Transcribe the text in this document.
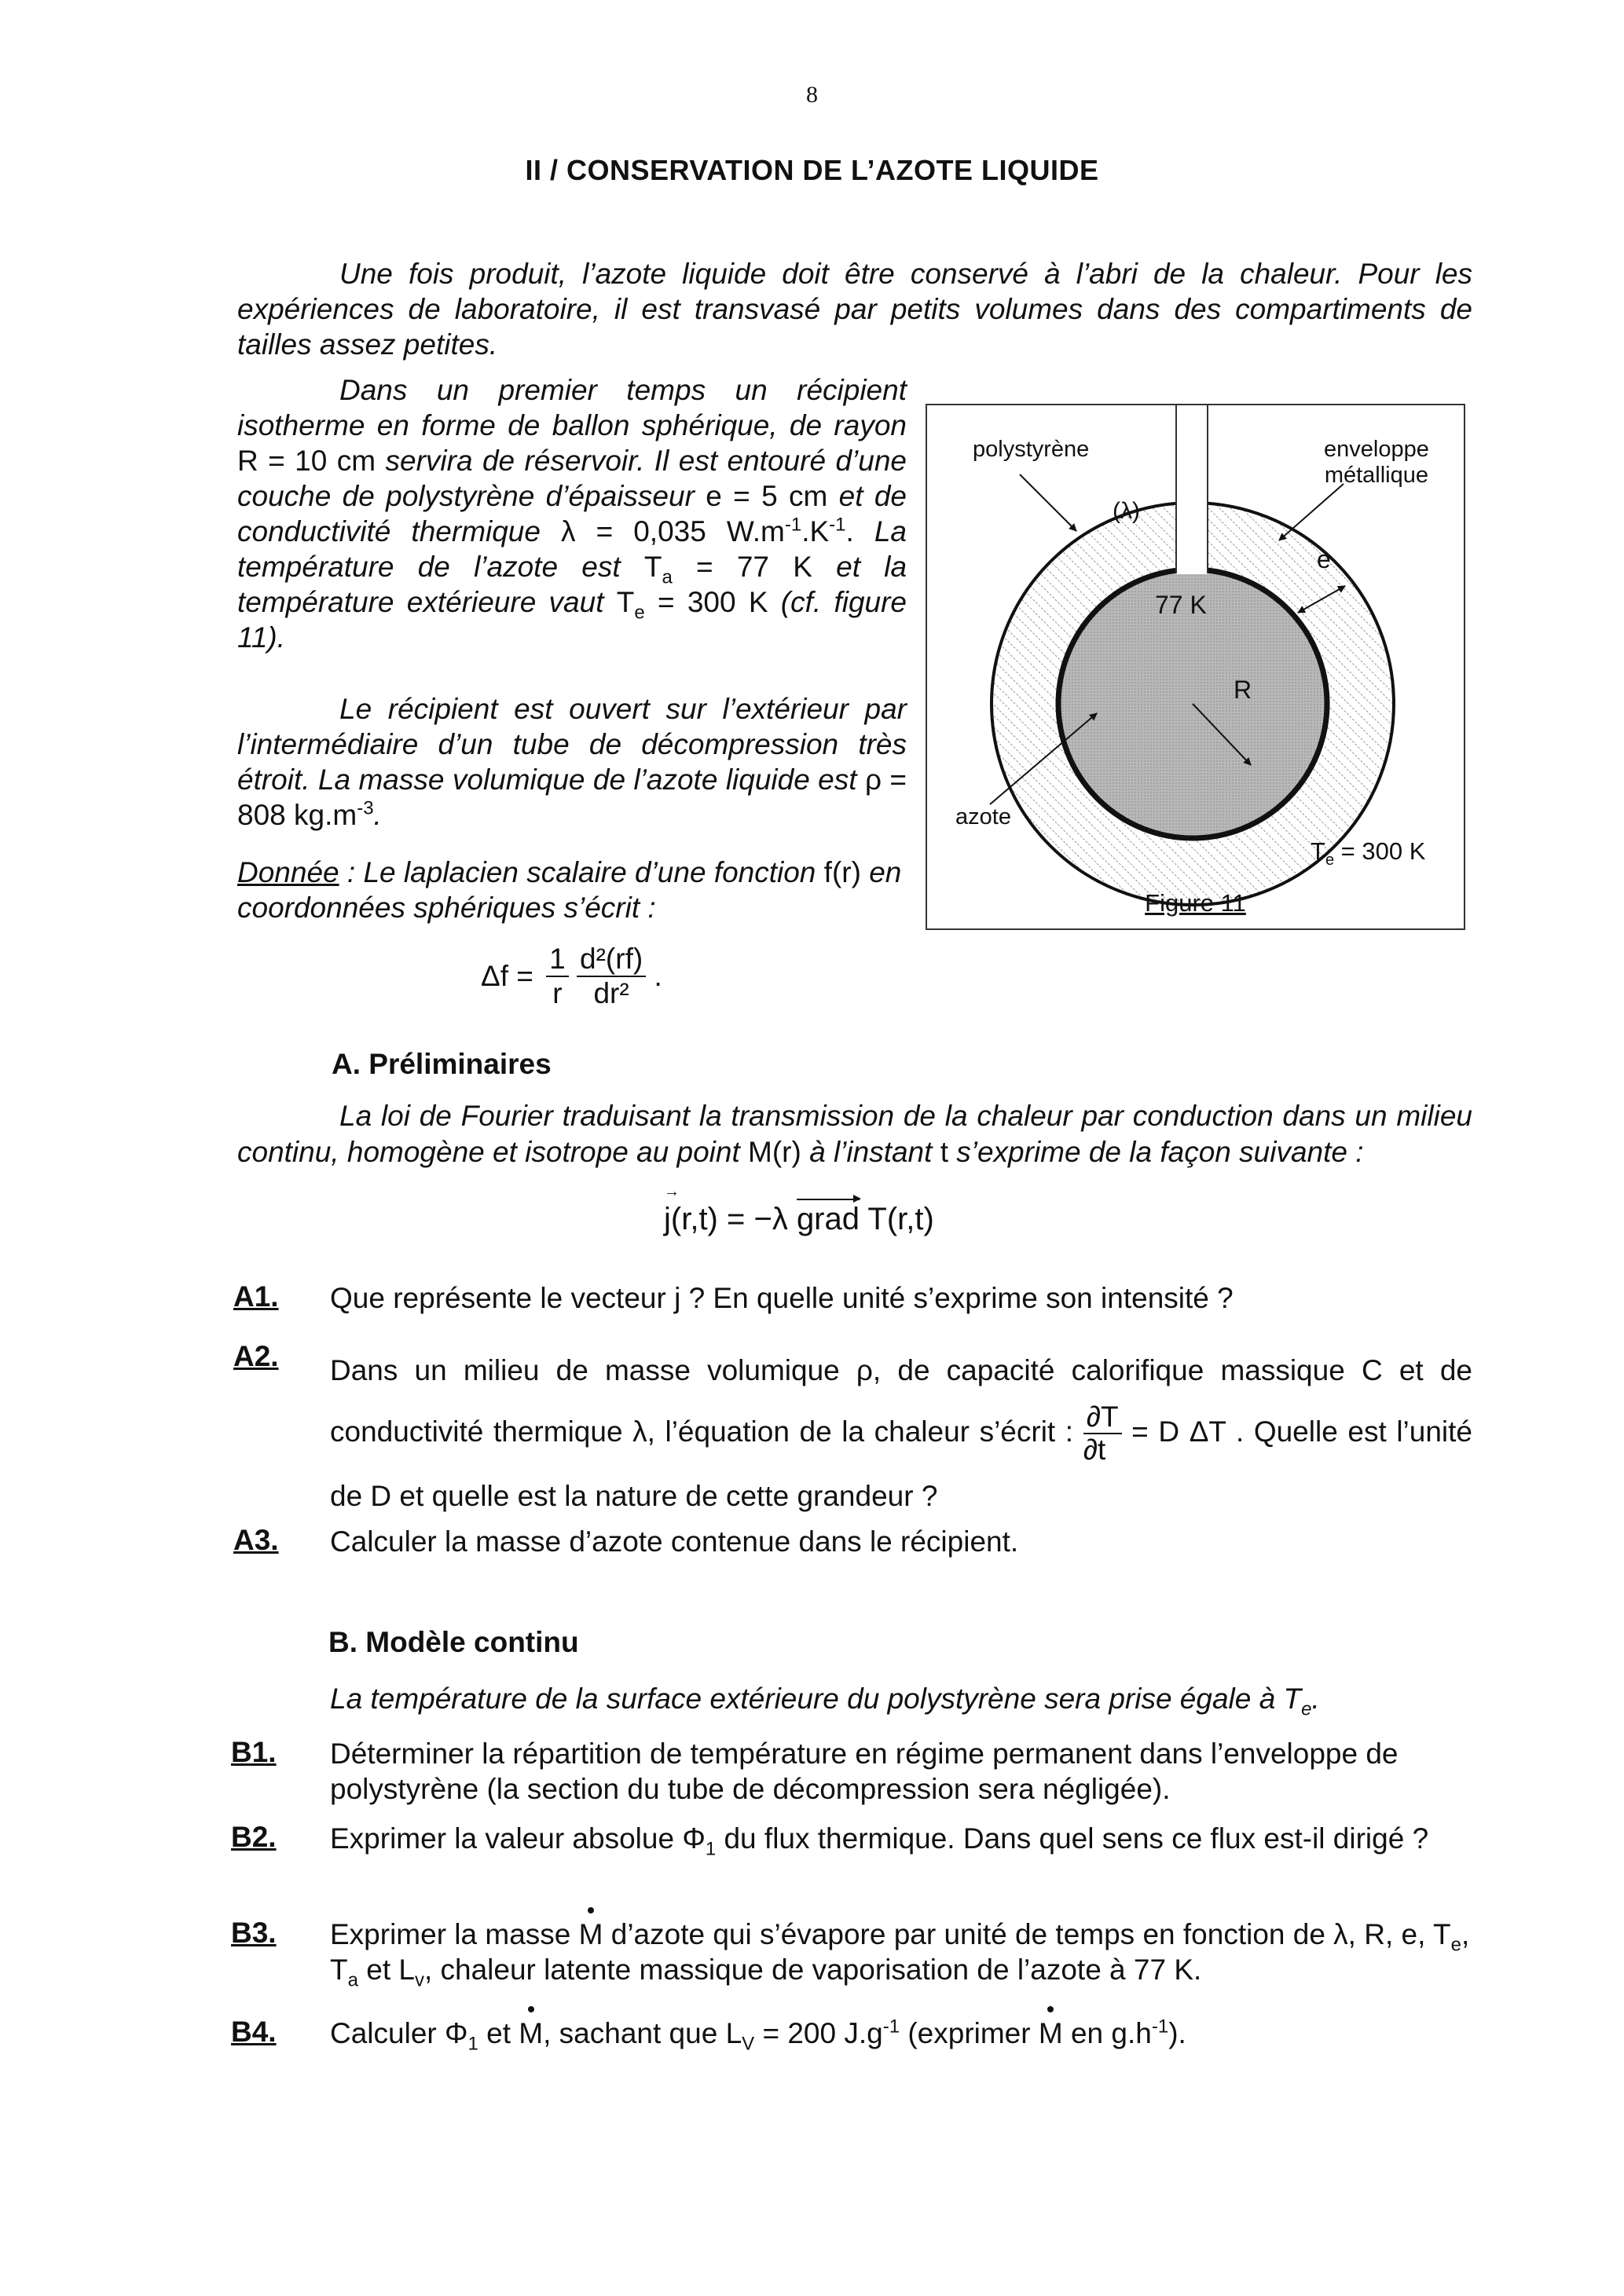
8
II / CONSERVATION DE L’AZOTE LIQUIDE
Une fois produit, l’azote liquide doit être conservé à l’abri de la chaleur. Pour les expériences de laboratoire, il est transvasé par petits volumes dans des compartiments de tailles assez petites.
Dans un premier temps un récipient isotherme en forme de ballon sphérique, de rayon R = 10 cm servira de réservoir. Il est entouré d’une couche de polystyrène d’épaisseur e = 5 cm et de conductivité thermique λ = 0,035 $W.m^{-1}.K^{-1}$. La température de l’azote est $T_a = 77$ K et la température extérieure vaut $T_e = 300$ K (cf. figure 11).
Le récipient est ouvert sur l’extérieur par l’intermédiaire d’un tube de décompression très étroit. La masse volumique de l’azote liquide est ρ = 808 $kg.m^{-3}$.
Donnée : Le laplacien scalaire d’une fonction f(r) en coordonnées sphériques s’écrit :
$\Delta f = \frac{1}{r}$
$\frac{\text{d²(rf)}}{\text{dr²}}$ .
polystyrène
(λ)
enveloppe
métallique
e
77 K
R
azote
$T_e = 300$ K
Figure 11
A. Préliminaires
La loi de Fourier traduisant la transmission de la chaleur par conduction dans un milieu continu, homogène et isotrope au point M(r) à l’instant t s’exprime de la façon suivante :
→ j(r,t) = −λ grad T(r,t)
A1. Que représente le vecteur j ? En quelle unité s’exprime son intensité ?
A2. Dans un milieu de masse volumique ρ, de capacité calorifique massique C et de conductivité thermique λ, l’équation de la chaleur s’écrit : $\frac{\partial T}{\partial t} = D$ ΔT . Quelle est l’unité de D et quelle est la nature de cette grandeur ?
A3. Calculer la masse d’azote contenue dans le récipient.
B. Modèle continu
La température de la surface extérieure du polystyrène sera prise égale à $T_e$.
B1. Déterminer la répartition de température en régime permanent dans l’enveloppe de polystyrène (la section du tube de décompression sera négligée).
B2. Exprimer la valeur absolue $\Phi_1$ du flux thermique. Dans quel sens ce flux est-il dirigé ?
B3. Exprimer la masse M d’azote qui s’évapore par unité de temps en fonction de λ, R, e, $T_e$, $T_a$ et $L_v$, chaleur latente massique de vaporisation de l’azote à 77 K.
B4. Calculer $\Phi_1$ et M, sachant que $L_V = 200$ $J.g^{-1}$ (exprimer M en $g.h^{-1}$).
